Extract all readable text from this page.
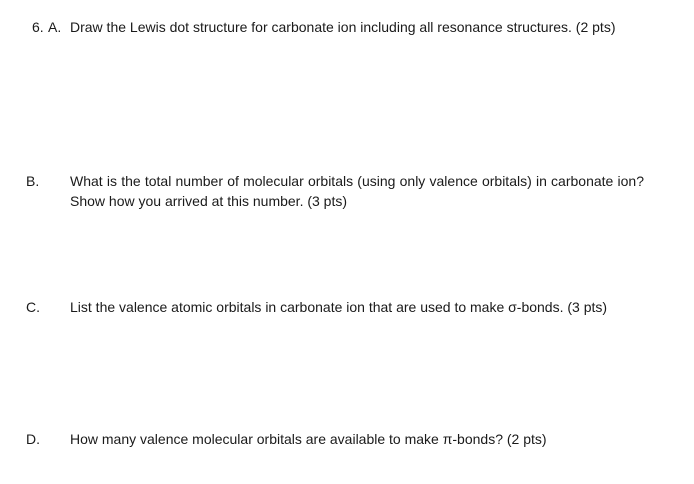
6. A. Draw the Lewis dot structure for carbonate ion including all resonance structures. (2 pts)
B. What is the total number of molecular orbitals (using only valence orbitals) in carbonate ion? Show how you arrived at this number. (3 pts)
C. List the valence atomic orbitals in carbonate ion that are used to make σ-bonds. (3 pts)
D. How many valence molecular orbitals are available to make π-bonds? (2 pts)
